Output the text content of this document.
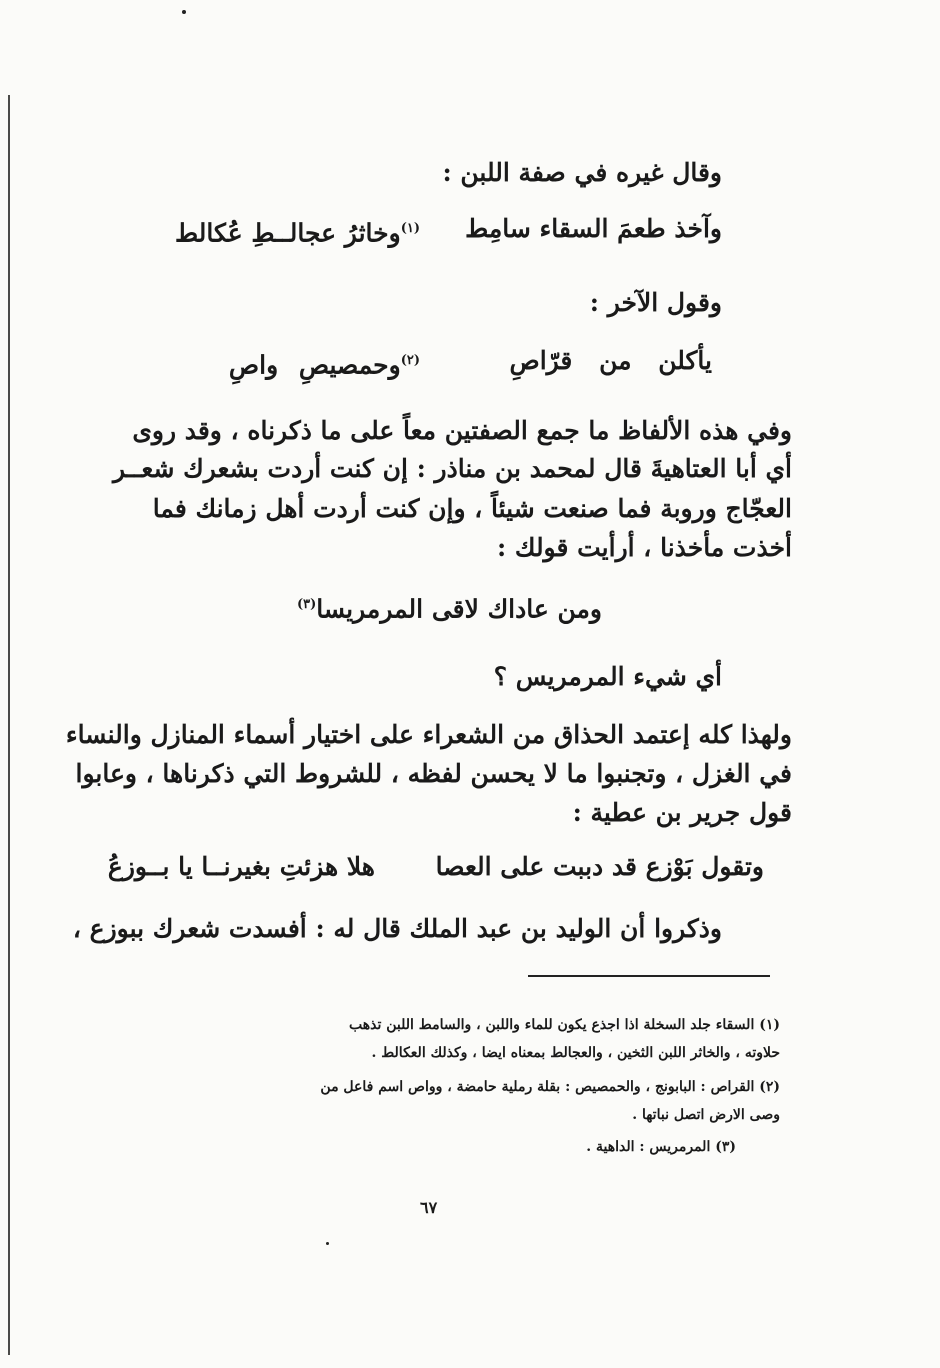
وقال غيره في صفة اللبن :
وآخذ طعمَ السقاء سامِط
$^{(١)}$وخاثرُ عجالــطِ عُكالط
وقول الآخر :
يأكلن من قرّاصِ
$^{(٢)}$وحمصيصِ واصِ
وفي هذه الألفاظ ما جمع الصفتين معاً على ما ذكرناه ، وقد روى
أي أبا العتاهيةَ قال لمحمد بن مناذر : إن كنت أردت بشعرك شعــر
العجّاج وروبة فما صنعت شيئاً ، وإن كنت أردت أهل زمانك فما
أخذت مأخذنا ، أرأيت قولك :
ومن عاداك لاقى المرمريسا$^{(٣)}$
أي شيء المرمريس ؟
ولهذا كله إعتمد الحذاق من الشعراء على اختيار أسماء المنازل والنساء
في الغزل ، وتجنبوا ما لا يحسن لفظه ، للشروط التي ذكرناها ، وعابوا
قول جرير بن عطية :
وتقول بَوْزع قد دببت على العصا
هلا هزئتِ بغيرنــا يا بــوزعُ
وذكروا أن الوليد بن عبد الملك قال له : أفسدت شعرك ببوزع ،
(١) السقاء جلد السخلة اذا اجذع يكون للماء واللبن ، والسامط اللبن تذهب
حلاوته ، والخاثر اللبن الثخين ، والعجالط بمعناه ايضا ، وكذلك العكالط .
(٢) القراص : البابونج ، والحمصيص : بقلة رملية حامضة ، وواص اسم فاعل من
وصى الارض اتصل نباتها .
(٣) المرمريس : الداهية .
٦٧
